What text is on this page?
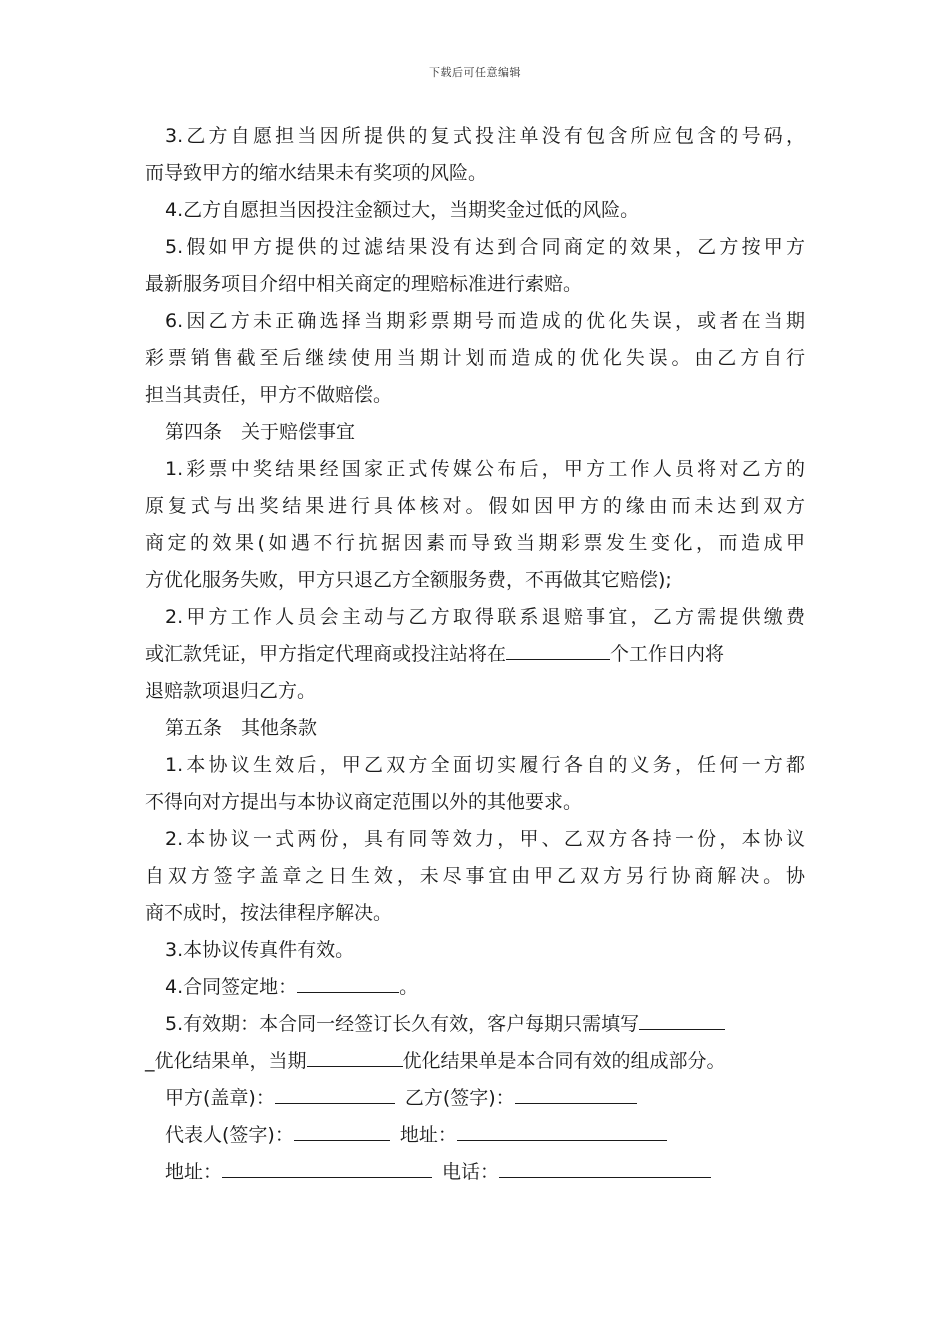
下载后可任意编辑
3.乙方自愿担当因所提供的复式投注单没有包含所应包含的号码，
而导致甲方的缩水结果未有奖项的风险。
4.乙方自愿担当因投注金额过大，当期奖金过低的风险。
5.假如甲方提供的过滤结果没有达到合同商定的效果，乙方按甲方
最新服务项目介绍中相关商定的理赔标准进行索赔。
6.因乙方未正确选择当期彩票期号而造成的优化失误，或者在当期
彩票销售截至后继续使用当期计划而造成的优化失误。由乙方自行
担当其责任，甲方不做赔偿。
第四条　关于赔偿事宜
1.彩票中奖结果经国家正式传媒公布后，甲方工作人员将对乙方的
原复式与出奖结果进行具体核对。假如因甲方的缘由而未达到双方
商定的效果(如遇不行抗据因素而导致当期彩票发生变化，而造成甲
方优化服务失败，甲方只退乙方全额服务费，不再做其它赔偿);
2.甲方工作人员会主动与乙方取得联系退赔事宜，乙方需提供缴费
或汇款凭证，甲方指定代理商或投注站将在	个工作日内将
退赔款项退归乙方。
第五条　其他条款
1.本协议生效后，甲乙双方全面切实履行各自的义务，任何一方都
不得向对方提出与本协议商定范围以外的其他要求。
2.本协议一式两份，具有同等效力，甲、乙双方各持一份，本协议
自双方签字盖章之日生效，未尽事宜由甲乙双方另行协商解决。协
商不成时，按法律程序解决。
3.本协议传真件有效。
4.合同签定地：	。
5.有效期：本合同一经签订长久有效，客户每期只需填写
_优化结果单，当期	优化结果单是本合同有效的组成部分。
甲方(盖章)：	乙方(签字)：
代表人(签字)：	地址：
地址：	电话：
